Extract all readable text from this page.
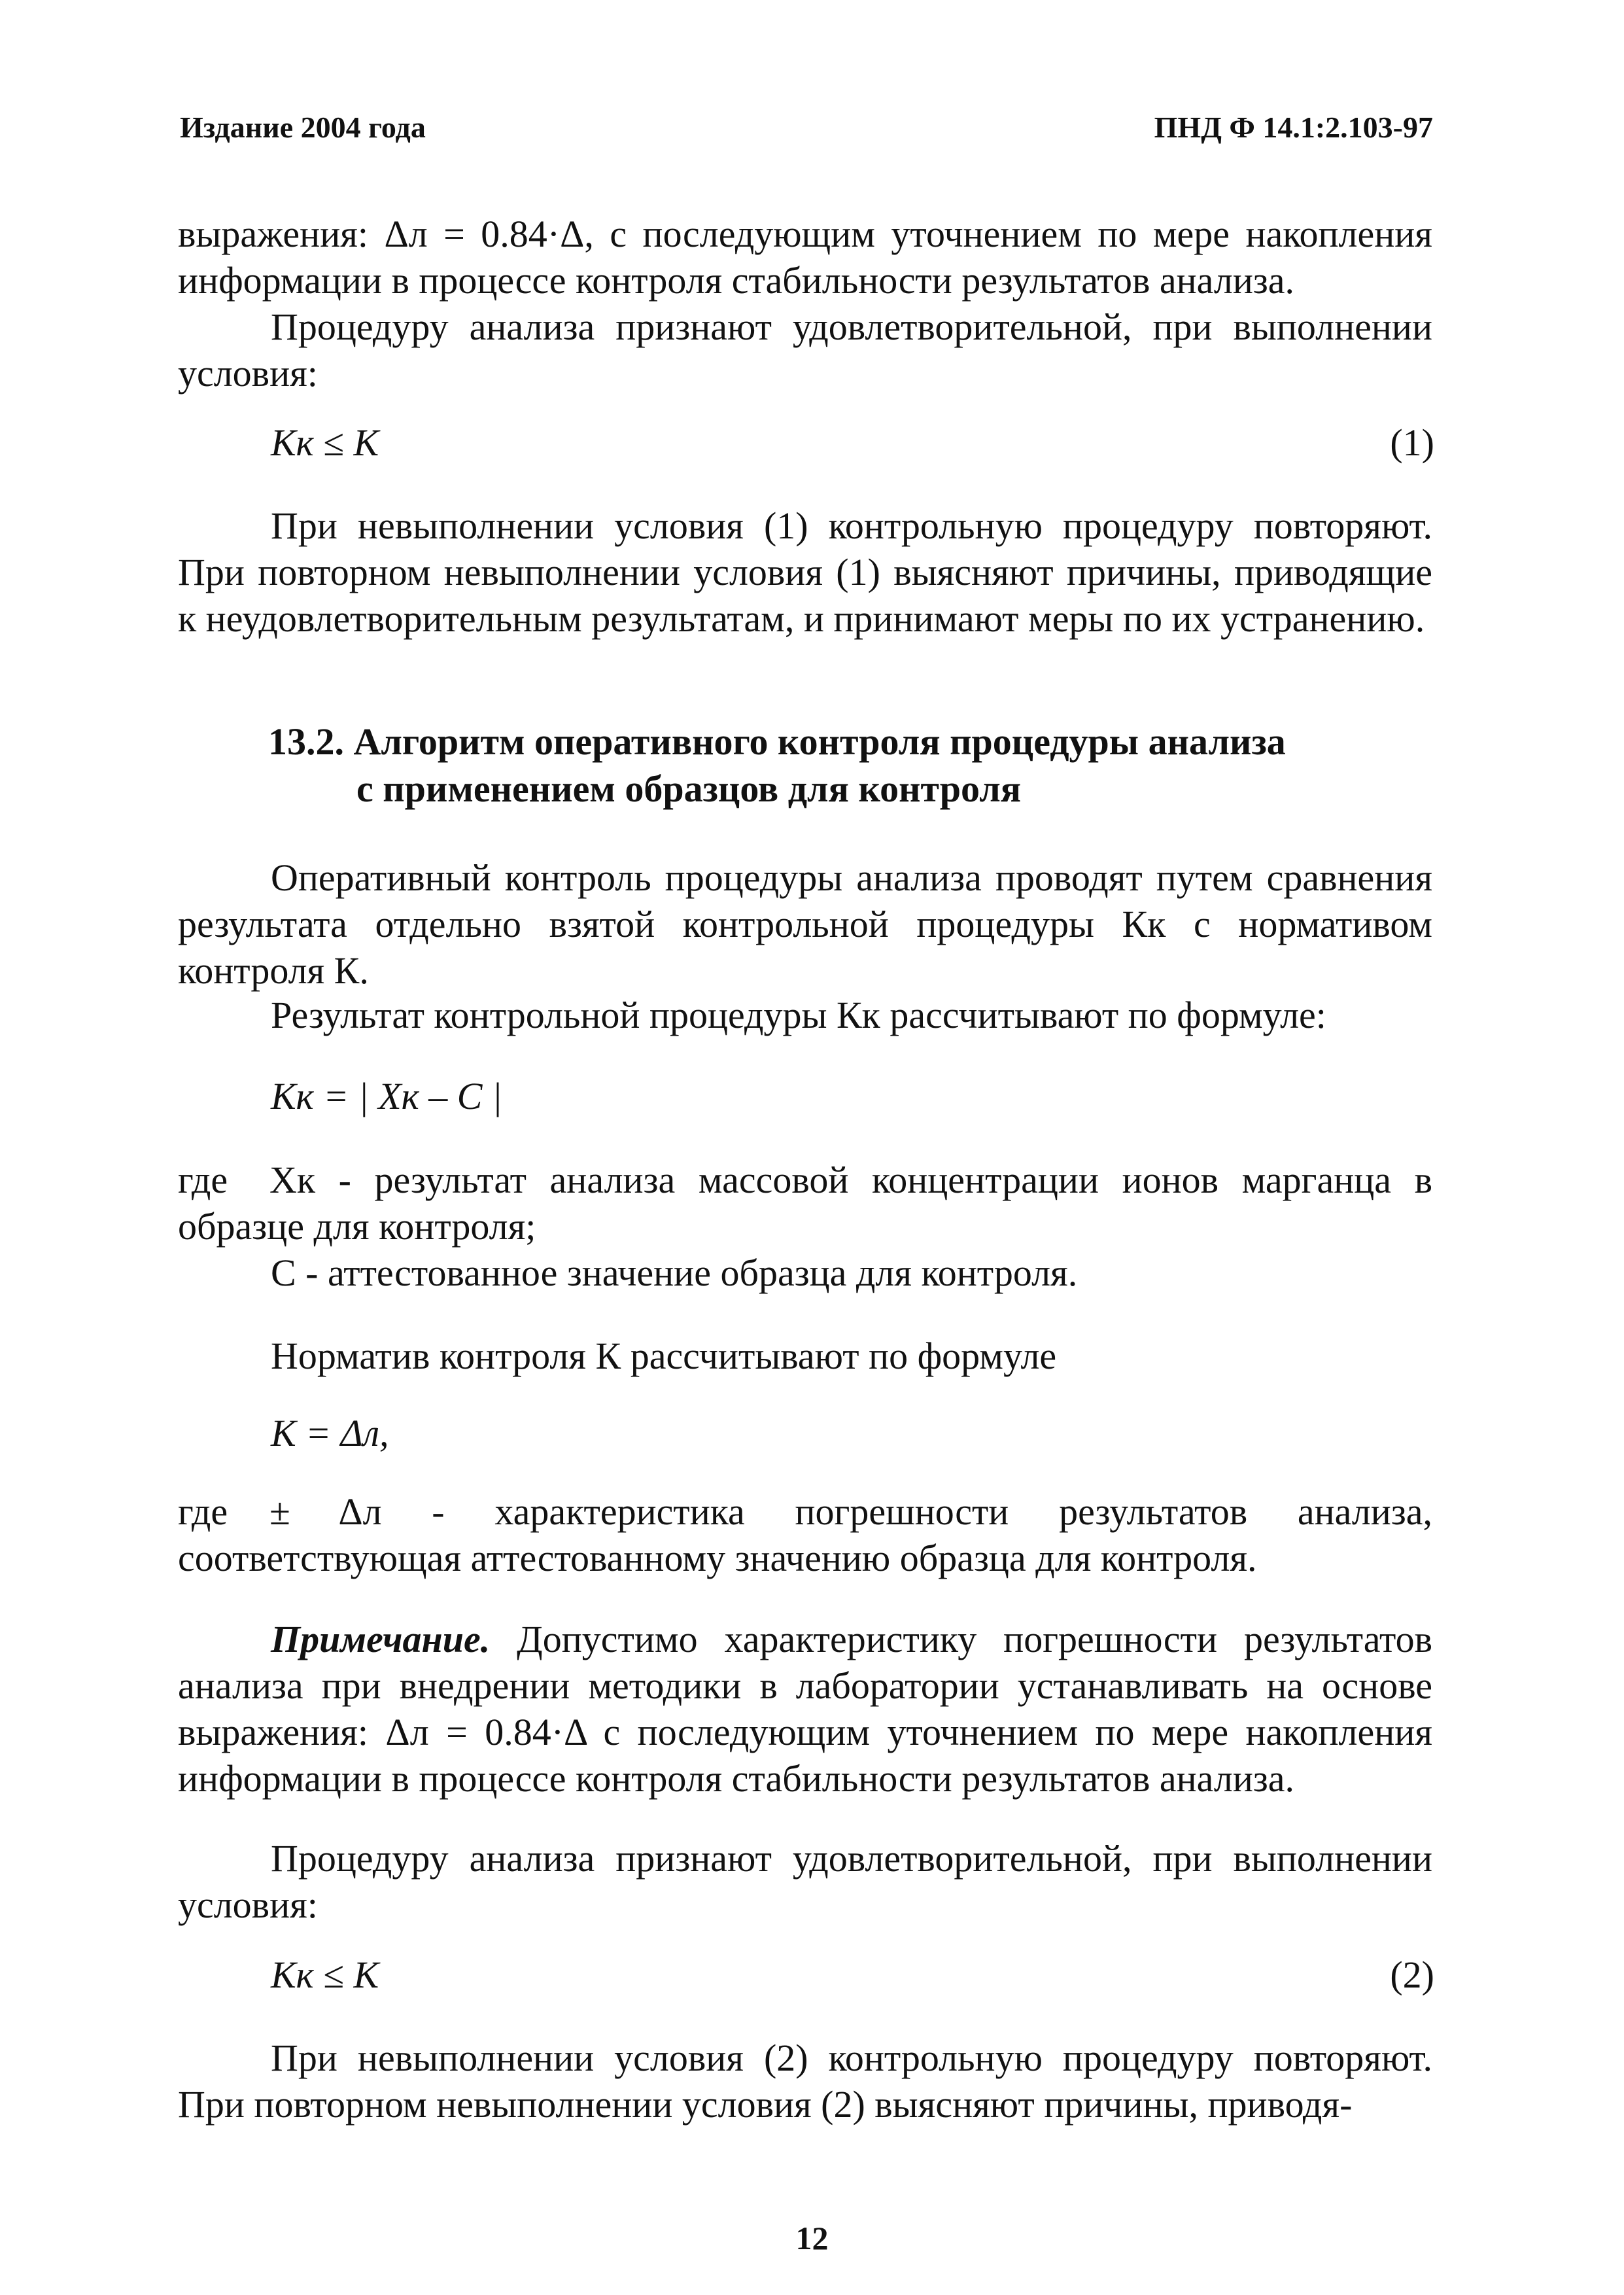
Издание 2004 года	ПНД Ф 14.1:2.103-97

выражения: Δл = 0.84·Δ, с последующим уточнением по мере накопления информации в процессе контроля стабильности результатов анализа.

Процедуру анализа признают удовлетворительной, при выполнении условия:

Кк ≤ К	(1)

При невыполнении условия (1) контрольную процедуру повторяют. При повторном невыполнении условия (1) выясняют причины, приводящие к неудовлетворительным результатам, и принимают меры по их устранению.

13.2. Алгоритм оперативного контроля процедуры анализа
с применением образцов для контроля

Оперативный контроль процедуры анализа проводят путем сравнения результата отдельно взятой контрольной процедуры Кк с нормативом контроля К.

Результат контрольной процедуры Кк рассчитывают по формуле:

Кк = | Хк – С |

где Хк - результат анализа массовой концентрации ионов марганца в образце для контроля;

С - аттестованное значение образца для контроля.

Норматив контроля К рассчитывают по формуле

К = Δл,

где ± Δл - характеристика погрешности результатов анализа, соответствующая аттестованному значению образца для контроля.

Примечание. Допустимо характеристику погрешности результатов анализа при внедрении методики в лаборатории устанавливать на основе выражения: Δл = 0.84·Δ с последующим уточнением по мере накопления информации в процессе контроля стабильности результатов анализа.

Процедуру анализа признают удовлетворительной, при выполнении условия:

Кк ≤ К	(2)

При невыполнении условия (2) контрольную процедуру повторяют. При повторном невыполнении условия (2) выясняют причины, приводя-

12
